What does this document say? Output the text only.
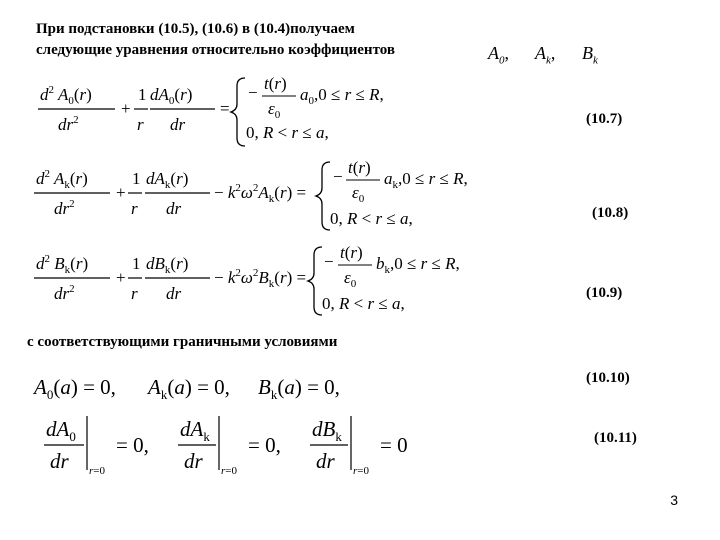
При подстановки (10.5), (10.6) в (10.4)получаем
следующие уравнения относительно коэффициентов	$A_0$, $A_k$, $B_k$
$d^2$ $A_0(r)$
$dr^2$
+
1
r
$dA_0(r)$
dr
=
− t(r)
$\varepsilon_0$
$a_0,0 \le r \le R$,
0, R < r ≤ a,
(10.7)
$d^2$ $A_k(r)$
$dr^2$
+
1
r
$dA_k(r)$
dr
− $k^2\omega^2A_k(r)$ =
− t(r)
$\varepsilon_0$
$a_k,0 \le r \le R$,
0, R < r ≤ a,	(10.8)
$d^2$ $B_k(r)$
$dr^2$
+
1
r
$dB_k(r)$
dr
− $k^2\omega^2B_k(r)$ =
− t(r)
$\varepsilon_0$
$b_k,0 \le r \le R$,
0, R < r ≤ a,
(10.9)
с соответствующими граничными условиями
$A_0(a) = 0$, $A_k(a) = 0$, $B_k(a) = 0$,	(10.10)
$dA_0$
dr r=0
= 0,
$dA_k$
dr r=0
= 0,
$dB_k$
dr r=0
= 0	(10.11)
3
